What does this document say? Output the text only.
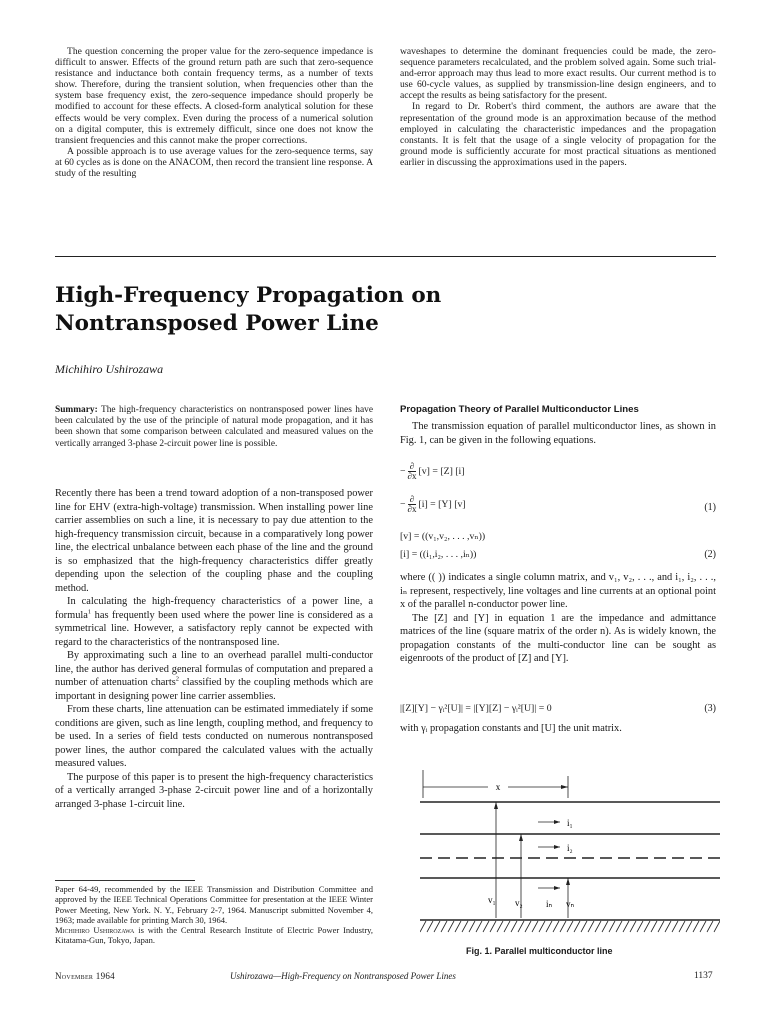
The question concerning the proper value for the zero-sequence impedance is difficult to answer. Effects of the ground return path are such that zero-sequence resistance and inductance both contain frequency terms, as a number of texts show. Therefore, during the transient solution, when frequencies other than the system base frequency exist, the zero-sequence impedance should properly be modified to account for these effects. A closed-form analytical solution for these effects would be very complex. Even during the process of a numerical solution on a digital computer, this is extremely difficult, since one does not know the transient frequencies and this cannot make the proper corrections.

A possible approach is to use average values for the zero-sequence terms, say at 60 cycles as is done on the ANACOM, then record the transient line response. A study of the resulting

waveshapes to determine the dominant frequencies could be made, the zero-sequence parameters recalculated, and the problem solved again. Some such trial-and-error approach may thus lead to more exact results. Our current method is to use 60-cycle values, as supplied by transmission-line design engineers, and to accept the results as being satisfactory for the present.

In regard to Dr. Robert's third comment, the authors are aware that the representation of the ground mode is an approximation because of the method employed in calculating the characteristic impedances and the propagation constants. It is felt that the usage of a single velocity of propagation for the ground mode is sufficiently accurate for most practical situations as mentioned earlier in discussing the approximations used in the papers.

High-Frequency Propagation on
Nontransposed Power Line
Michihiro Ushirozawa
Summary: The high-frequency characteristics on nontransposed power lines have been calculated by the use of the principle of natural mode propagation, and it has been shown that some comparison between calculated and measured values on the vertically arranged 3-phase 2-circuit power line is possible.

Recently there has been a trend toward adoption of a non-transposed power line for EHV (extra-high-voltage) transmission. When installing power line carrier assemblies on such a line, it is necessary to pay due attention to the high-frequency transmission circuit, because in a comparatively long power line, the electrical unbalance between each phase of the line and the ground is so emphasized that the high-frequency characteristics differ greatly depending upon the selection of the coupling phase and the coupling method.

In calculating the high-frequency characteristics of a power line, a formula$^1$ has frequently been used where the power line is considered as a symmetrical line. However, a satisfactory reply cannot be expected with regard to the characteristics of the nontransposed line.

By approximating such a line to an overhead parallel multi-conductor line, the author has derived general formulas of computation and prepared a number of attenuation charts$^2$ classified by the coupling methods which are important in designing power line carrier assemblies.

From these charts, line attenuation can be estimated immediately if some conditions are given, such as line length, coupling method, and frequency to be used. In a series of field tests conducted on numerous nontransposed power lines, the author compared the calculated values with the actually measured values.

The purpose of this paper is to present the high-frequency characteristics of a vertically arranged 3-phase 2-circuit power line and of a horizontally arranged 3-phase 1-circuit line.

Paper 64-49, recommended by the IEEE Transmission and Distribution Committee and approved by the IEEE Technical Operations Committee for presentation at the IEEE Winter Power Meeting, New York. N. Y., February 2-7, 1964. Manuscript submitted November 4, 1963; made available for printing March 30, 1964.
Michihiro Ushirozawa is with the Central Research Institute of Electric Power Industry, Kitatama-Gun, Tokyo, Japan.
Propagation Theory of Parallel Multiconductor Lines

The transmission equation of parallel multiconductor lines, as shown in Fig. 1, can be given in the following equations.

− $\frac{\partial}{\partial x} [v] = [Z]$ [i]
− $\frac{\partial}{\partial x} [i] = [Y]$ [v]	(1)
[v] = ((v₁,v₂, . . . ,vₙ))
[i] = ((i₁,i₂, . . . ,iₙ))	(2)

where (( )) indicates a single column matrix, and v₁, v₂, . . ., and i₁, i₂, . . ., iₙ represent, respectively, line voltages and line currents at an optional point x of the parallel n-conductor power line.

The [Z] and [Y] in equation 1 are the impedance and admittance matrices of the line (square matrix of the order n). As is widely known, the propagation constants of the multi-conductor line can be sought as eigenroots of the product of [Z] and [Y].

|[Z][Y] − γᵢ²[U]| = |[Y][Z] − γᵢ²[U]| = 0	(3)

with γᵢ propagation constants and [U] the unit matrix.

x
i₁
i₂
v₁ v₂	iₙ vₙ
Fig. 1. Parallel multiconductor line
November 1964	Ushirozawa—High-Frequency on Nontransposed Power Lines	1137
